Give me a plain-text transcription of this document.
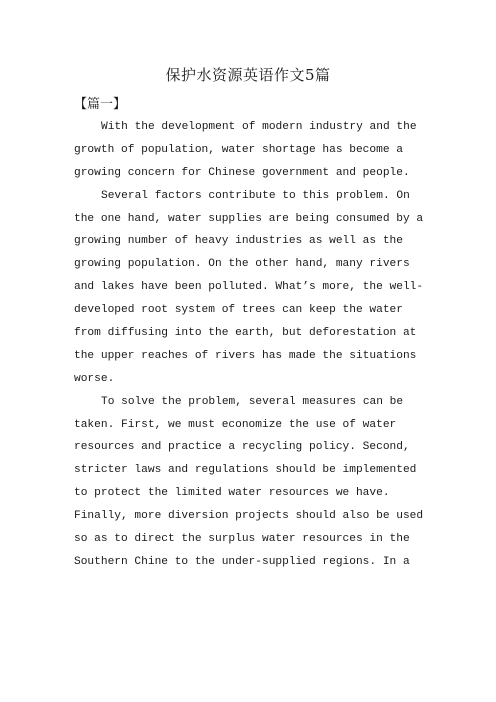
保护水资源英语作文5篇
【篇一】
With the development of modern industry and the
growth of population, water shortage has become a
growing concern for Chinese government and people.
Several factors contribute to this problem. On
the one hand, water supplies are being consumed by a
growing number of heavy industries as well as the
growing population. On the other hand, many rivers
and lakes have been polluted. What’s more, the well-
developed root system of trees can keep the water
from diffusing into the earth, but deforestation at
the upper reaches of rivers has made the situations
worse.
To solve the problem, several measures can be
taken. First, we must economize the use of water
resources and practice a recycling policy. Second,
stricter laws and regulations should be implemented
to protect the limited water resources we have.
Finally, more diversion projects should also be used
so as to direct the surplus water resources in the
Southern Chine to the under-supplied regions. In a
